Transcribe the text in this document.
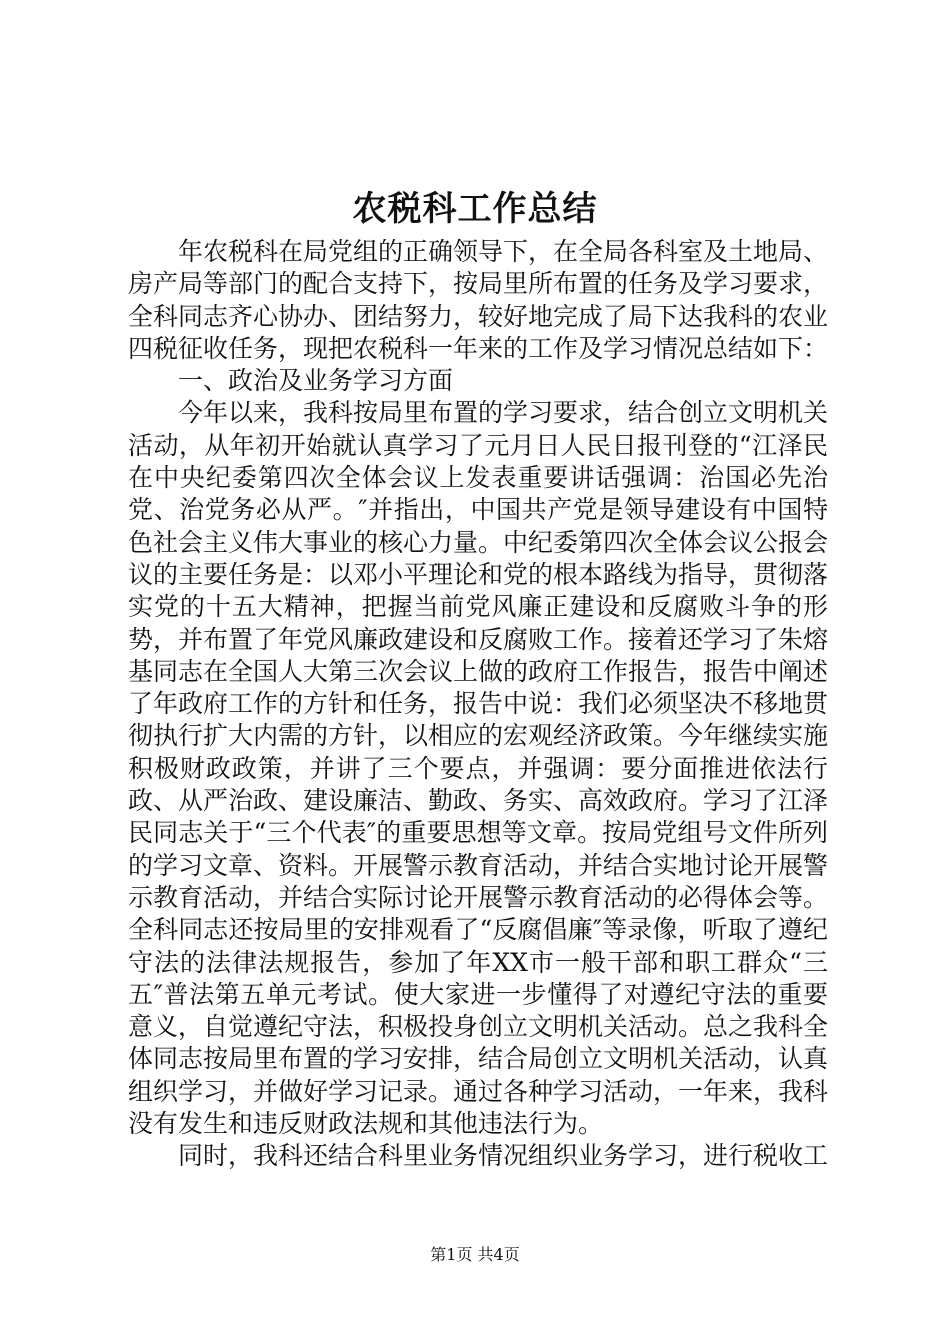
农税科工作总结

年农税科在局党组的正确领导下，在全局各科室及土地局、房产局等部门的配合支持下，按局里所布置的任务及学习要求，全科同志齐心协办、团结努力，较好地完成了局下达我科的农业四税征收任务，现把农税科一年来的工作及学习情况总结如下：

一、政治及业务学习方面

今年以来，我科按局里布置的学习要求，结合创立文明机关活动，从年初开始就认真学习了元月日人民日报刊登的“江泽民在中央纪委第四次全体会议上发表重要讲话强调：治国必先治党、治党务必从严。″并指出，中国共产党是领导建设有中国特色社会主义伟大事业的核心力量。中纪委第四次全体会议公报会议的主要任务是：以邓小平理论和党的根本路线为指导，贯彻落实党的十五大精神，把握当前党风廉正建设和反腐败斗争的形势，并布置了年党风廉政建设和反腐败工作。接着还学习了朱熔基同志在全国人大第三次会议上做的政府工作报告，报告中阐述了年政府工作的方针和任务，报告中说：我们必须坚决不移地贯彻执行扩大内需的方针，以相应的宏观经济政策。今年继续实施积极财政政策，并讲了三个要点，并强调：要分面推进依法行政、从严治政、建设廉洁、勤政、务实、高效政府。学习了江泽民同志关于“三个代表″的重要思想等文章。按局党组号文件所列的学习文章、资料。开展警示教育活动，并结合实地讨论开展警示教育活动，并结合实际讨论开展警示教育活动的必得体会等。全科同志还按局里的安排观看了“反腐倡廉″等录像，听取了遵纪守法的法律法规报告，参加了年XX市一般干部和职工群众“三五″普法第五单元考试。使大家进一步懂得了对遵纪守法的重要意义，自觉遵纪守法，积极投身创立文明机关活动。总之我科全体同志按局里布置的学习安排，结合局创立文明机关活动，认真组织学习，并做好学习记录。通过各种学习活动，一年来，我科没有发生和违反财政法规和其他违法行为。

同时，我科还结合科里业务情况组织业务学习，进行税收工

第1页 共4页
